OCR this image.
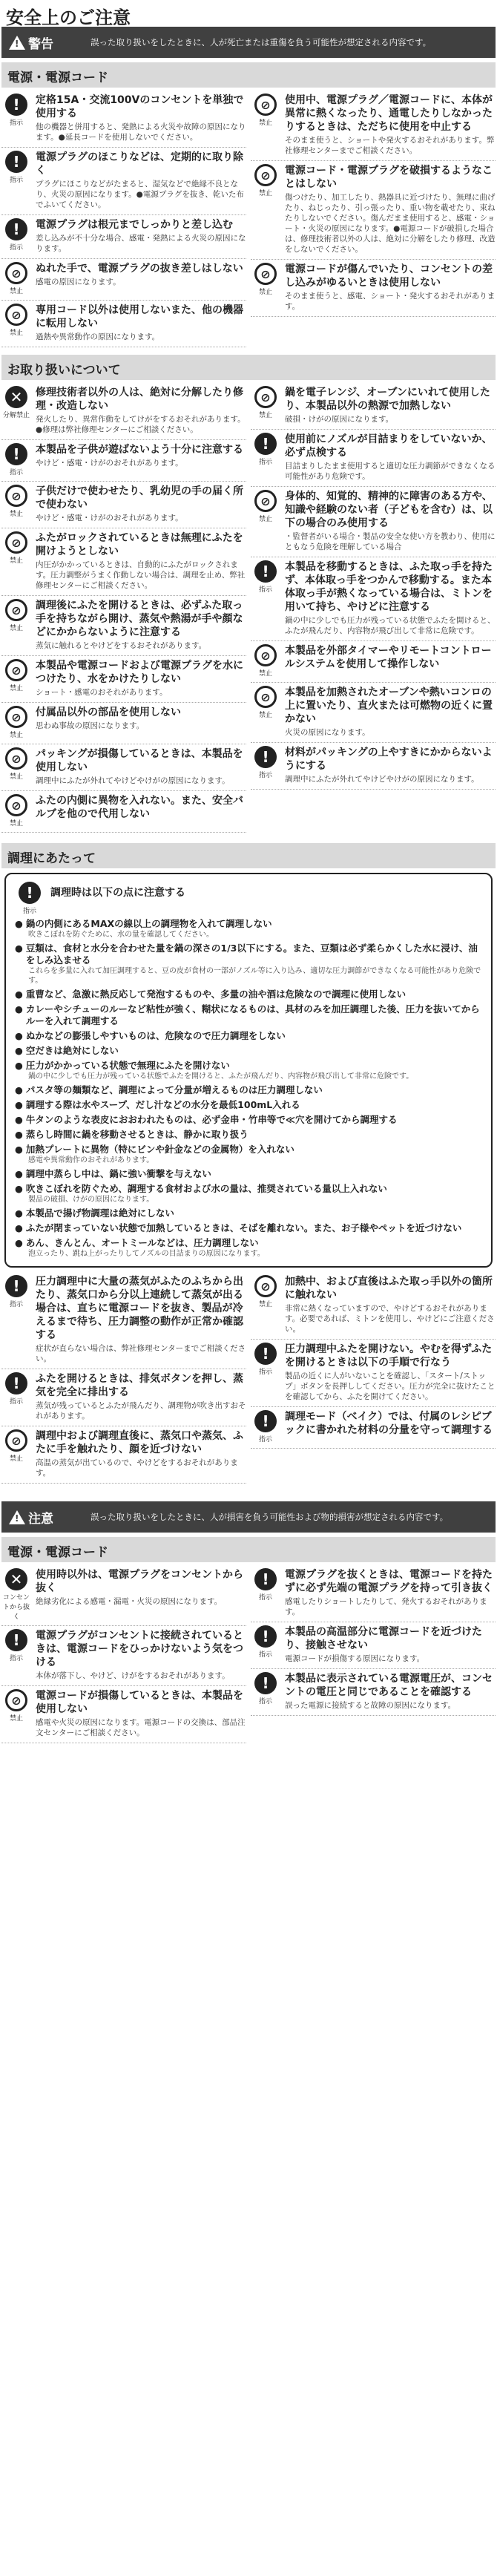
安全上のご注意
! 警告	誤った取り扱いをしたときに、人が死亡または重傷を負う可能性が想定される内容です。
電源・電源コード
!
指示
定格15A・交流100Vのコンセントを単独で使用する
他の機器と併用すると、発熱による火災や故障の原因になります。●延長コードを使用しないでください。
!
指示
電源プラグのほこりなどは、定期的に取り除く
プラグにほこりなどがたまると、湿気などで絶縁不良となり、火災の原因になります。●電源プラグを抜き、乾いた布でふいてください。
!
指示
電源プラグは根元までしっかりと差し込む
差し込みが不十分な場合、感電・発熱による火災の原因になります。
⊘
禁止
ぬれた手で、電源プラグの抜き差しはしない
感電の原因になります。
⊘
禁止
専用コード以外は使用しないまた、他の機器に転用しない
過熱や異常動作の原因になります。
⊘
禁止
使用中、電源プラグ／電源コードに、本体が異常に熱くなったり、通電したりしなかったりするときは、ただちに使用を中止する
そのまま使うと、ショートや発火するおそれがあります。弊社修理センターまでご相談ください。
⊘
禁止
電源コード・電源プラグを破損するようなことはしない
傷つけたり、加工したり、熱器具に近づけたり、無理に曲げたり、ねじったり、引っ張ったり、重い物を載せたり、束ねたりしないでください。傷んだまま使用すると、感電・ショート・火災の原因になります。●電源コードが破損した場合は、修理技術者以外の人は、絶対に分解をしたり修理、改造をしないでください。
⊘
禁止
電源コードが傷んでいたり、コンセントの差し込みがゆるいときは使用しない
そのまま使うと、感電、ショート・発火するおそれがあります。
お取り扱いについて
✕
分解禁止
修理技術者以外の人は、絶対に分解したり修理・改造しない
発火したり、異常作動をしてけがをするおそれがあります。●修理は弊社修理センターにご相談ください。
!
指示
本製品を子供が遊ばないよう十分に注意する
やけど・感電・けがのおそれがあります。
⊘
禁止
子供だけで使わせたり、乳幼児の手の届く所で使わない
やけど・感電・けがのおそれがあります。
⊘
禁止
ふたがロックされているときは無理にふたを開けようとしない
内圧がかかっているときは、自動的にふたがロックされます。圧力調整がうまく作動しない場合は、調理を止め、弊社修理センターにご相談ください。
⊘
禁止
調理後にふたを開けるときは、必ずふた取っ手を持ちながら開け、蒸気や熱湯が手や顔などにかからないように注意する
蒸気に触れるとやけどをするおそれがあります。
⊘
禁止
本製品や電源コードおよび電源プラグを水につけたり、水をかけたりしない
ショート・感電のおそれがあります。
⊘
禁止
付属品以外の部品を使用しない
思わぬ事故の原因になります。
⊘
禁止
パッキングが損傷しているときは、本製品を使用しない
調理中にふたが外れてやけどやけがの原因になります。
⊘
禁止
ふたの内側に異物を入れない。また、安全バルブを他ので代用しない
⊘
禁止
鍋を電子レンジ、オーブンにいれて使用したり、本製品以外の熱源で加熱しない
破損・けがの原因になります。
!
指示
使用前にノズルが目詰まりをしていないか、必ず点検する
目詰まりしたまま使用すると適切な圧力調節ができなくなる可能性があり危険です。
⊘
禁止
身体的、知覚的、精神的に障害のある方や、知識や経験のない者（子どもを含む）は、以下の場合のみ使用する
・監督者がいる場合・製品の安全な使い方を教わり、使用にともなう危険を理解している場合
!
指示
本製品を移動するときは、ふた取っ手を持たず、本体取っ手をつかんで移動する。また本体取っ手が熱くなっている場合は、ミトンを用いて持ち、やけどに注意する
鍋の中に少しでも圧力が残っている状態でふたを開けると、ふたが飛んだり、内容物が飛び出して非常に危険です。
⊘
禁止
本製品を外部タイマーやリモートコントロールシステムを使用して操作しない
⊘
禁止
本製品を加熱されたオーブンや熱いコンロの上に置いたり、直火または可燃物の近くに置かない
火災の原因になります。
!
指示
材料がパッキングの上やすきにかからないようにする
調理中にふたが外れてやけどやけがの原因になります。
調理にあたって
!
指示
調理時は以下の点に注意する
● 鍋の内側にあるMAXの線以上の調理物を入れて調理しない
吹きこぼれを防ぐために、水の量を確認してください。
● 豆類は、食材と水分を合わせた量を鍋の深さの1/3以下にする。また、豆類は必ず柔らかくした水に浸け、油をしみ込ませる
これらを多量に入れて加圧調理すると、豆の皮が食材の一部がノズル等に入り込み、適切な圧力調節ができなくなる可能性があり危険です。
● 重曹など、急激に熱反応して発泡するものや、多量の油や酒は危険なので調理に使用しない
● カレーやシチューのルーなど粘性が強く、糊状になるものは、具材のみを加圧調理した後、圧力を抜いてからルーを入れて調理する
● ぬかなどの膨張しやすいものは、危険なので圧力調理をしない
● 空だきは絶対にしない
● 圧力がかかっている状態で無理にふたを開けない
鍋の中に少しでも圧力が残っている状態でふたを開けると、ふたが飛んだり、内容物が飛び出して非常に危険です。
● パスタ等の麺類など、調理によって分量が増えるものは圧力調理しない
● 調理する際は水やスープ、だし汁などの水分を最低100mL入れる
● 牛タンのような表皮におおわれたものは、必ず金串・竹串等で≪穴を開けてから調理する
● 蒸らし時間に鍋を移動させるときは、静かに取り扱う
● 加熱プレートに異物（特にビンや針金などの金属物）を入れない
感電や異常動作のおそれがあります。
● 調理中蒸らし中は、鍋に強い衝撃を与えない
● 吹きこぼれを防ぐため、調理する食材および水の量は、推奨されている量以上入れない
製品の破損、けがの原因になります。
● 本製品で揚げ物調理は絶対にしない
● ふたが閉まっていない状態で加熱しているときは、そばを離れない。また、お子様やペットを近づけない
● あん、きんとん、オートミールなどは、圧力調理しない
泡立ったり、跳ね上がったりしてノズルの目詰まりの原因になります。
!
指示
圧力調理中に大量の蒸気がふたのふちから出たり、蒸気口から分以上連続して蒸気が出る場合は、直ちに電源コードを抜き、製品が冷えるまで待ち、圧力調整の動作が正常か確認する
症状が直らない場合は、弊社修理センターまでご相談ください。
!
指示
ふたを開けるときは、排気ボタンを押し、蒸気を完全に排出する
蒸気が残っているとふたが飛んだり、調理物が吹き出すおそれがあります。
⊘
禁止
調理中および調理直後に、蒸気口や蒸気、ふたに手を触れたり、顔を近づけない
高温の蒸気が出ているので、やけどをするおそれがあります。
⊘
禁止
加熱中、および直後はふた取っ手以外の箇所に触れない
非常に熱くなっていますので、やけどするおそれがあります。必要であれば、ミトンを使用し、やけどにご注意ください。
!
指示
圧力調理中ふたを開けない。やむを得ずふたを開けるときは以下の手順で行なう
製品の近くに人がいないことを確認し、「スタート/ストップ」ボタンを長押ししてください。圧力が完全に抜けたことを確認してから、ふたを開けてください。
!
指示
調理モード（ベイク）では、付属のレシピブックに書かれた材料の分量を守って調理する
! 注意	誤った取り扱いをしたときに、人が損害を負う可能性および物的損害が想定される内容です。
電源・電源コード
✕
コンセントから抜く
使用時以外は、電源プラグをコンセントから抜く
絶縁劣化による感電・漏電・火災の原因になります。
!
指示
電源プラグがコンセントに接続されているときは、電源コードをひっかけないよう気をつける
本体が落下し、やけど、けがをするおそれがあります。
⊘
禁止
電源コードが損傷しているときは、本製品を使用しない
感電や火災の原因になります。電源コードの交換は、部品注文センターにご相談ください。
!
指示
電源プラグを抜くときは、電源コードを持たずに必ず先端の電源プラグを持って引き抜く
感電したりショートしたりして、発火するおそれがあります。
!
指示
本製品の高温部分に電源コードを近づけたり、接触させない
電源コードが損傷する原因になります。
!
指示
本製品に表示されている電源電圧が、コンセントの電圧と同じであることを確認する
誤った電源に接続すると故障の原因になります。
